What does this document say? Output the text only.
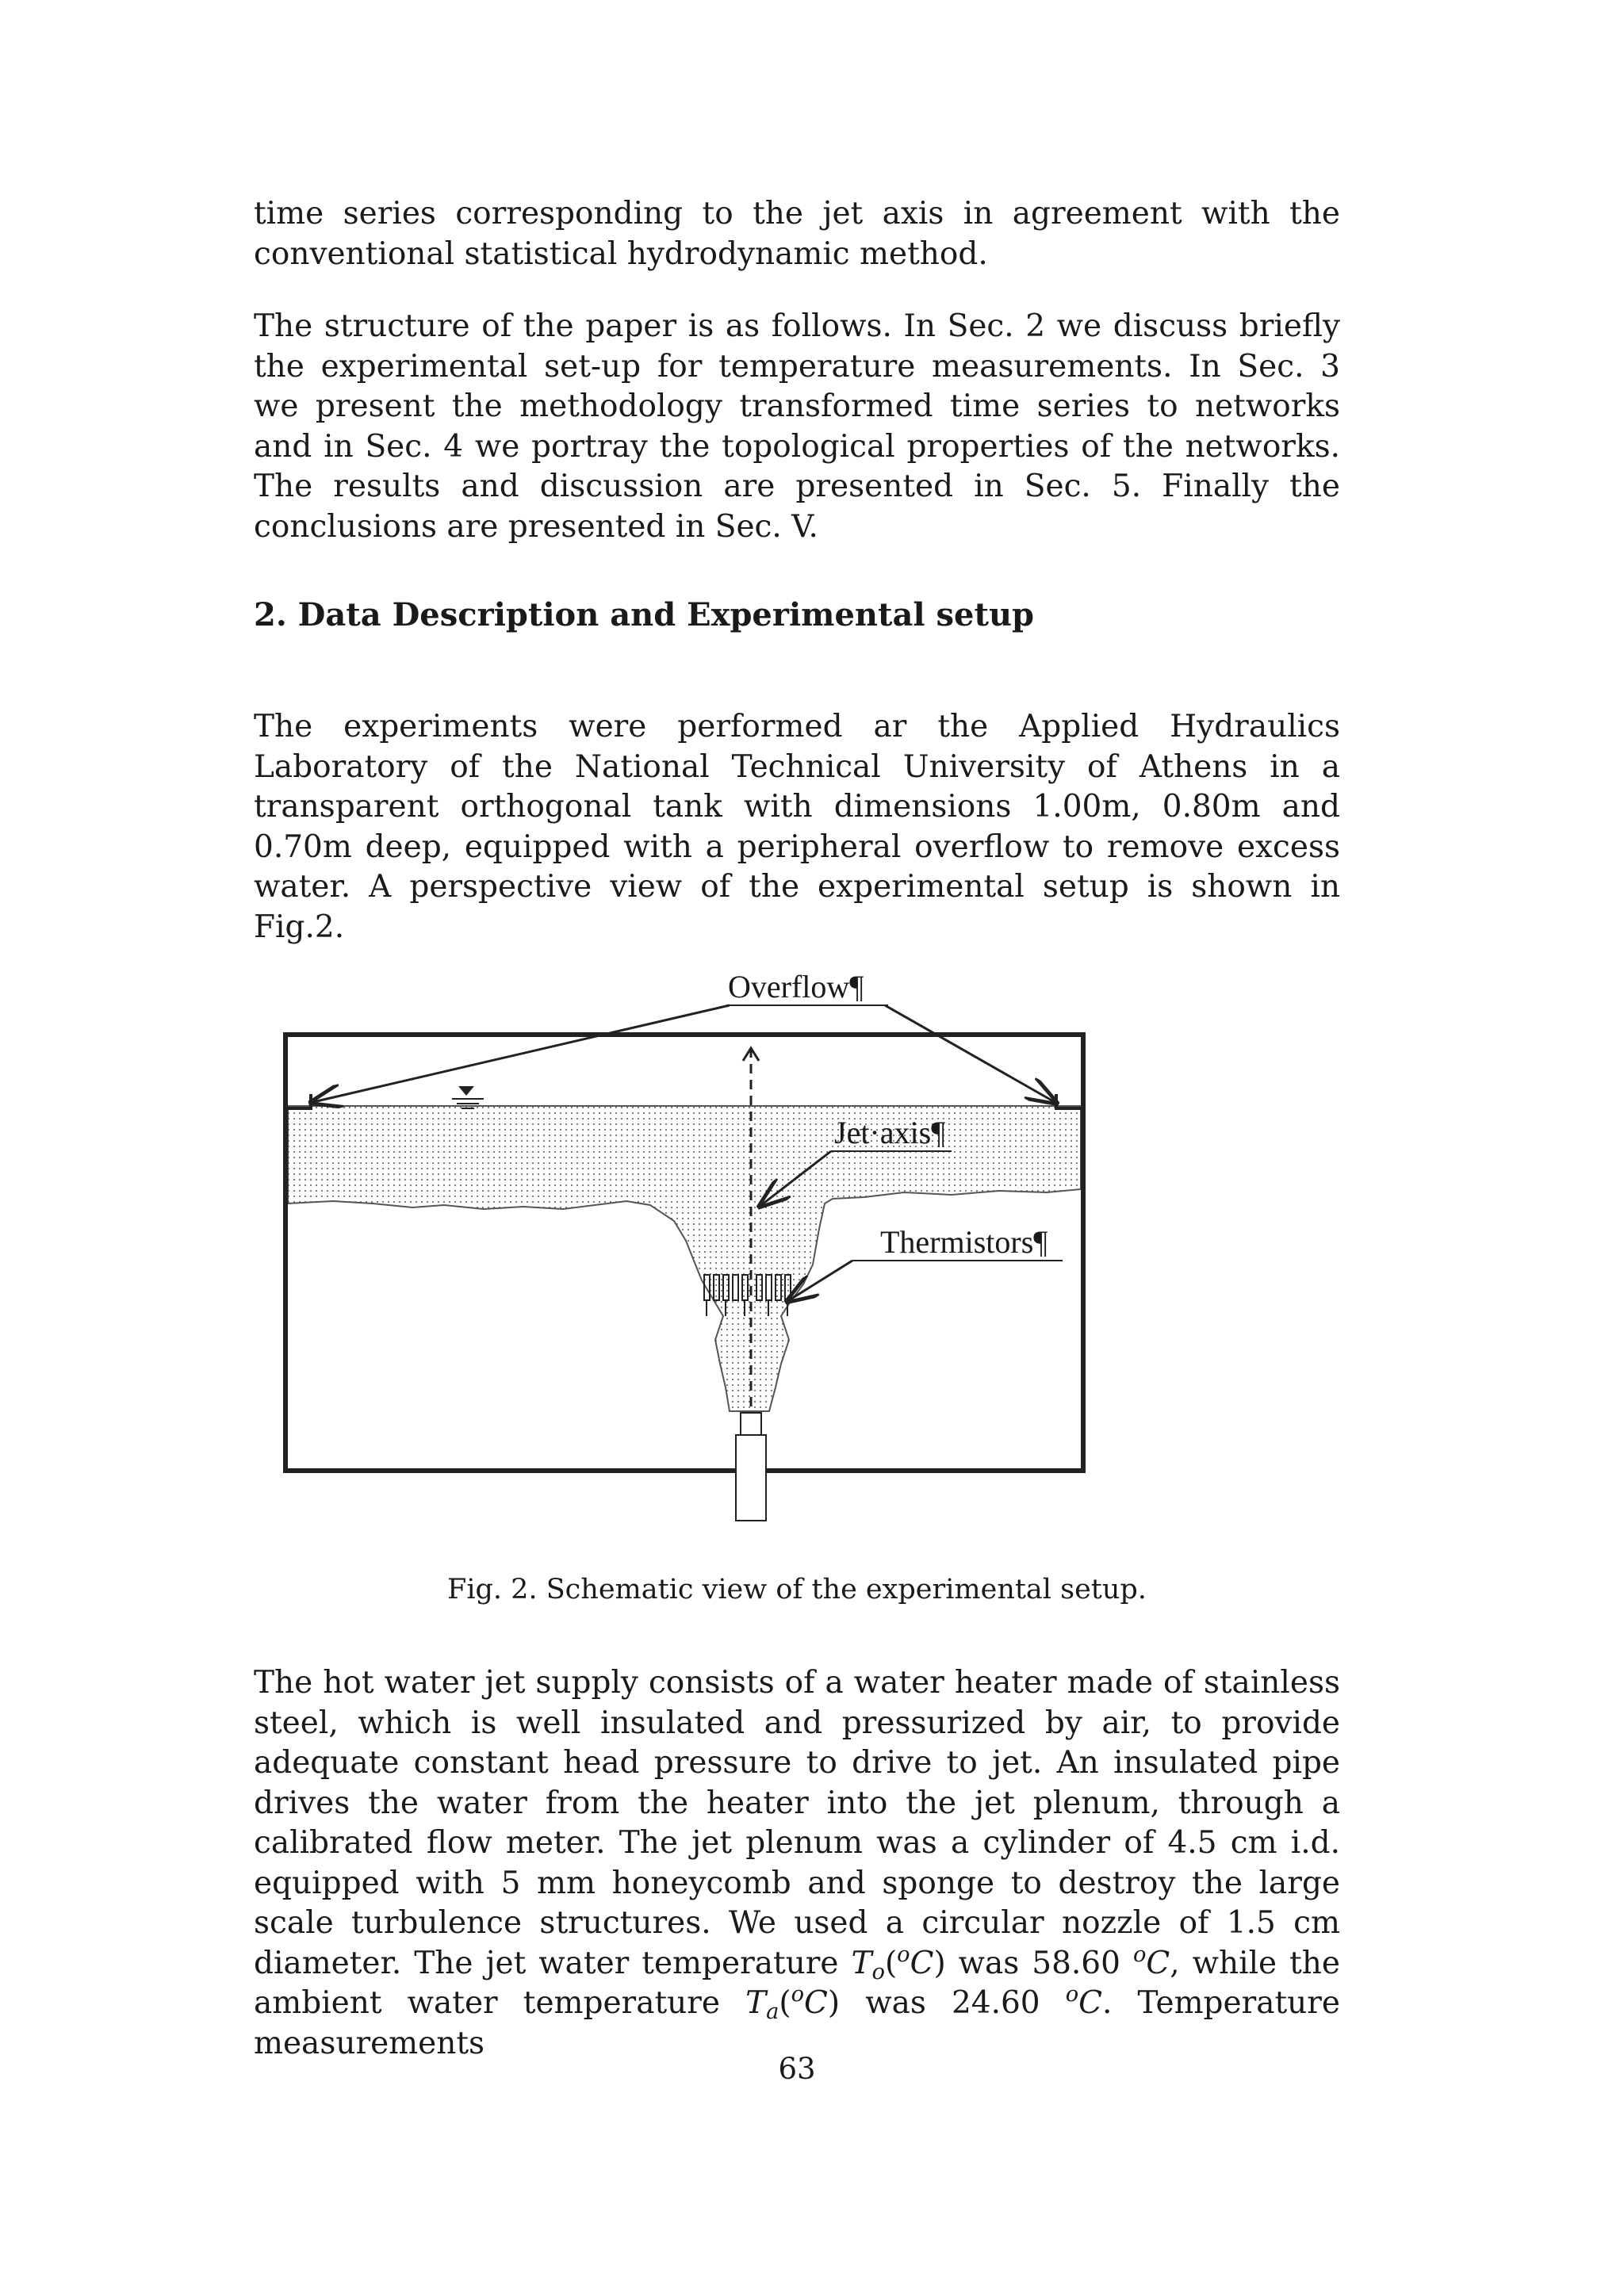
time series corresponding to the jet axis in agreement with the conventional statistical hydrodynamic method.

The structure of the paper is as follows. In Sec. 2 we discuss briefly the experimental set-up for temperature measurements. In Sec. 3 we present the methodology transformed time series to networks and in Sec. 4 we portray the topological properties of the networks. The results and discussion are presented in Sec. 5. Finally the conclusions are presented in Sec. V.

2. Data Description and Experimental setup

The experiments were performed ar the Applied Hydraulics Laboratory of the National Technical University of Athens in a transparent orthogonal tank with dimensions 1.00m, 0.80m and 0.70m deep, equipped with a peripheral overflow to remove excess water. A perspective view of the experimental setup is shown in Fig.2.

Fig. 2. Schematic view of the experimental setup.

The hot water jet supply consists of a water heater made of stainless steel, which is well insulated and pressurized by air, to provide adequate constant head pressure to drive to jet. An insulated pipe drives the water from the heater into the jet plenum, through a calibrated flow meter. The jet plenum was a cylinder of 4.5 cm i.d. equipped with 5 mm honeycomb and sponge to destroy the large scale turbulence structures. We used a circular nozzle of 1.5 cm diameter. The jet water temperature $T_o(^oC)$ was 58.60 $^o$C, while the ambient water temperature $T_a(^oC)$ was 24.60 $^o$C. Temperature measurements

63

Overflow¶
Jet·axis¶
Thermistors¶
